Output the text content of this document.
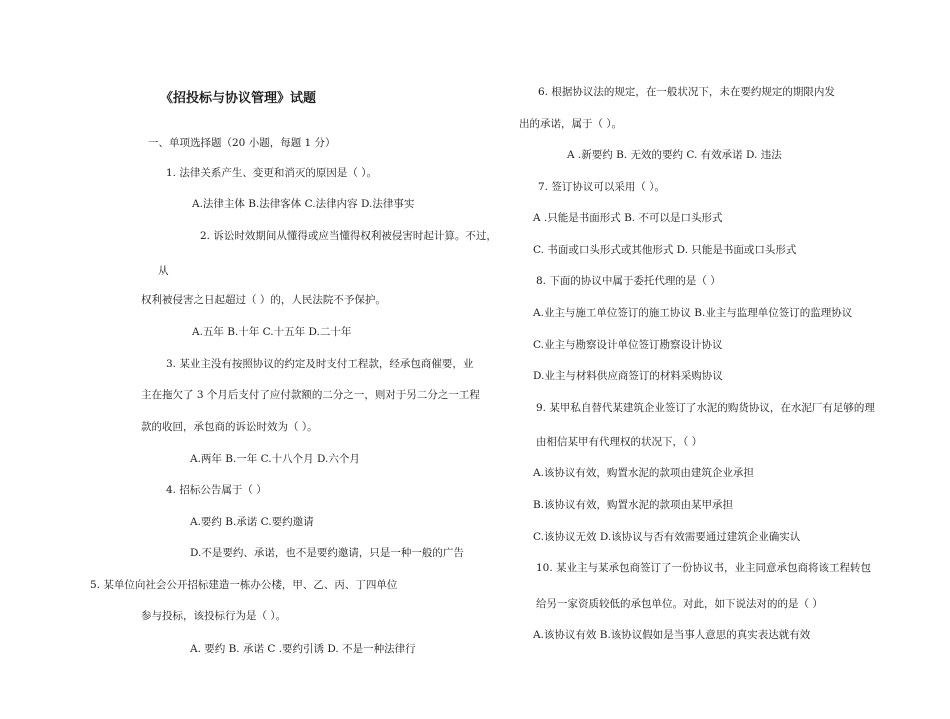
《招投标与协议管理》试题
一、单项选择题（20 小题，每题 1 分）
1. 法律关系产生、变更和消灭的原因是（ ）。
A.法律主体 B.法律客体 C.法律内容 D.法律事实
2. 诉讼时效期间从懂得或应当懂得权利被侵害时起计算。不过，
从
权利被侵害之日起超过（ ）的，人民法院不予保护。
A.五年 B.十年 C.十五年 D.二十年
3. 某业主没有按照协议的约定及时支付工程款，经承包商催要，业
主在拖欠了 3 个月后支付了应付款额的二分之一，则对于另二分之一工程
款的收回，承包商的诉讼时效为（ ）。
A.两年 B.一年 C.十八个月 D.六个月
4. 招标公告属于（ ）
A.要约 B.承诺 C.要约邀请
D.不是要约、承诺，也不是要约邀请，只是一种一般的广告
5. 某单位向社会公开招标建造一栋办公楼，甲、乙、丙、丁四单位
参与投标，该投标行为是（ ）。
A. 要约 B. 承诺 C .要约引诱 D. 不是一种法律行
6. 根据协议法的规定，在一般状况下，未在要约规定的期限内发
出的承诺，属于（ ）。
A .新要约 B. 无效的要约 C. 有效承诺 D. 违法
7. 签订协议可以采用（ ）。
A .只能是书面形式 B. 不可以是口头形式
C. 书面或口头形式或其他形式 D. 只能是书面或口头形式
8. 下面的协议中属于委托代理的是（ ）
A.业主与施工单位签订的施工协议 B.业主与监理单位签订的监理协议
C.业主与勘察设计单位签订勘察设计协议
D.业主与材料供应商签订的材料采购协议
9. 某甲私自替代某建筑企业签订了水泥的购货协议，在水泥厂有足够的理
由相信某甲有代理权的状况下，（ ）
A.该协议有效，购置水泥的款项由建筑企业承担
B.该协议有效，购置水泥的款项由某甲承担
C.该协议无效 D.该协议与否有效需要通过建筑企业确实认
10. 某业主与某承包商签订了一份协议书，业主同意承包商将该工程转包
给另一家资质较低的承包单位。对此，如下说法对的的是（ ）
A.该协议有效 B.该协议假如是当事人意思的真实表达就有效
